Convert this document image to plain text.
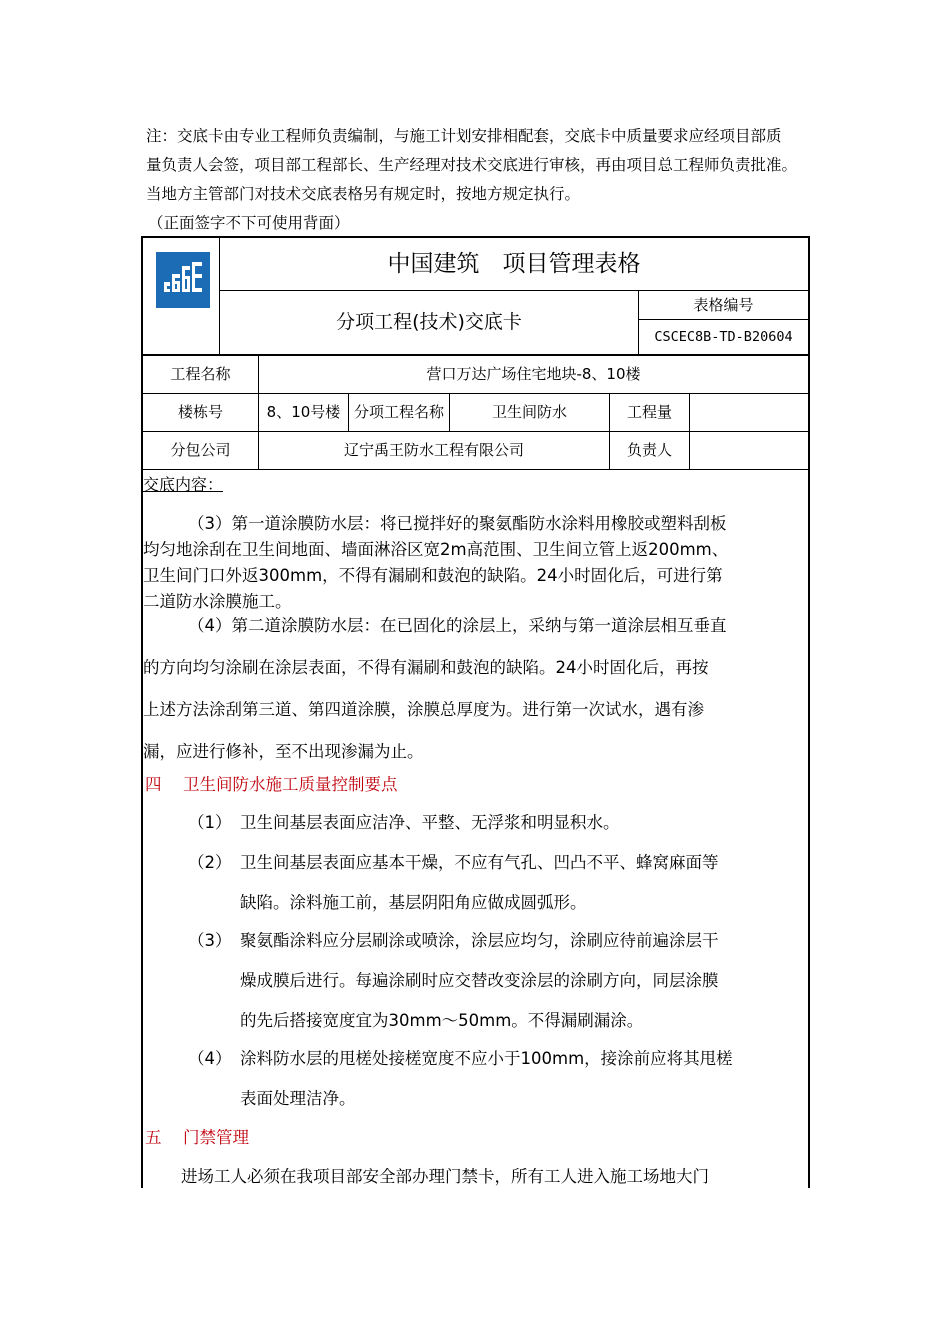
注：交底卡由专业工程师负责编制，与施工计划安排相配套，交底卡中质量要求应经项目部质

量负责人会签，项目部工程部长、生产经理对技术交底进行审核，再由项目总工程师负责批准。

当地方主管部门对技术交底表格另有规定时，按地方规定执行。

（正面签字不下可使用背面）

中国建筑　项目管理表格
分项工程(技术)交底卡
表格编号
CSCEC8B-TD-B20604
工程名称	营口万达广场住宅地块-8、10楼
楼栋号	8、10号楼 分项工程名称	卫生间防水	工程量
分包公司	辽宁禹王防水工程有限公司	负责人
交底内容：
（3）第一道涂膜防水层：将已搅拌好的聚氨酯防水涂料用橡胶或塑料刮板
均匀地涂刮在卫生间地面、墙面淋浴区宽2m高范围、卫生间立管上返200mm、
卫生间门口外返300mm，不得有漏刷和鼓泡的缺陷。24小时固化后，可进行第
二道防水涂膜施工。
（4）第二道涂膜防水层：在已固化的涂层上，采纳与第一道涂层相互垂直
的方向均匀涂刷在涂层表面，不得有漏刷和鼓泡的缺陷。24小时固化后，再按
上述方法涂刮第三道、第四道涂膜，涂膜总厚度为。进行第一次试水，遇有渗
漏，应进行修补，至不出现渗漏为止。
四 卫生间防水施工质量控制要点
（1） 卫生间基层表面应洁净、平整、无浮浆和明显积水。
（2） 卫生间基层表面应基本干燥，不应有气孔、凹凸不平、蜂窝麻面等
缺陷。涂料施工前，基层阴阳角应做成圆弧形。
（3） 聚氨酯涂料应分层刷涂或喷涂，涂层应均匀，涂刷应待前遍涂层干
燥成膜后进行。每遍涂刷时应交替改变涂层的涂刷方向，同层涂膜
的先后搭接宽度宜为30mm～50mm。不得漏刷漏涂。
（4） 涂料防水层的甩槎处接槎宽度不应小于100mm，接涂前应将其甩槎
表面处理洁净。
五 门禁管理
进场工人必须在我项目部安全部办理门禁卡，所有工人进入施工场地大门
